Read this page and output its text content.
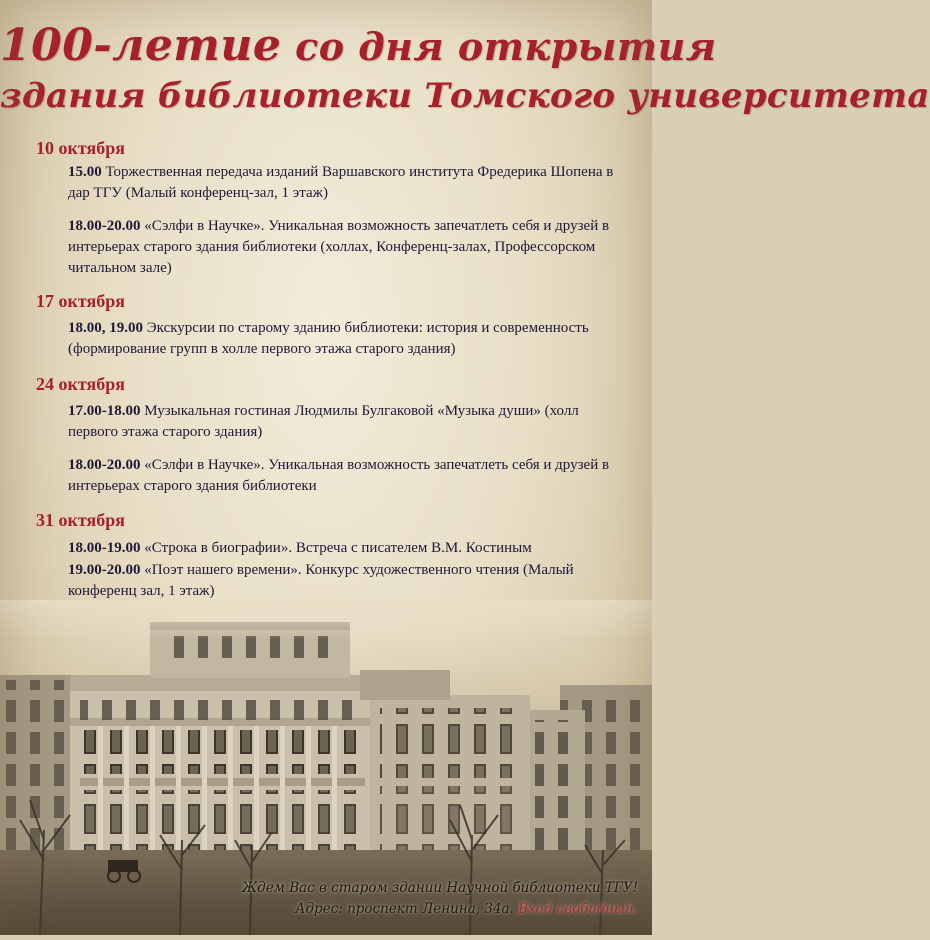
100-летие со дня открытия
здания библиотеки Томского университета
10 октября

15.00 Торжественная передача изданий Варшавского института Фредерика Шопена в дар ТГУ (Малый конференц-зал, 1 этаж)

18.00-20.00 «Сэлфи в Научке». Уникальная возможность запечатлеть себя и друзей в интерьерах старого здания библиотеки (холлах, Конференц-залах, Профессорском читальном зале)

17 октября

18.00, 19.00 Экскурсии по старому зданию библиотеки: история и современность (формирование групп в холле первого этажа старого здания)

24 октября

17.00-18.00 Музыкальная гостиная Людмилы Булгаковой «Музыка души» (холл первого этажа старого здания)

18.00-20.00 «Сэлфи в Научке». Уникальная возможность запечатлеть себя и друзей в интерьерах старого здания библиотеки

31 октября

18.00-19.00 «Строка в биографии». Встреча с писателем В.М. Костиным

19.00-20.00 «Поэт нашего времени». Конкурс художественного чтения (Малый конференц зал, 1 этаж)

Ждем Вас в старом здании Научной библиотеки ТГУ!
Адрес: проспект Ленина, 34а. Вход свободный.
